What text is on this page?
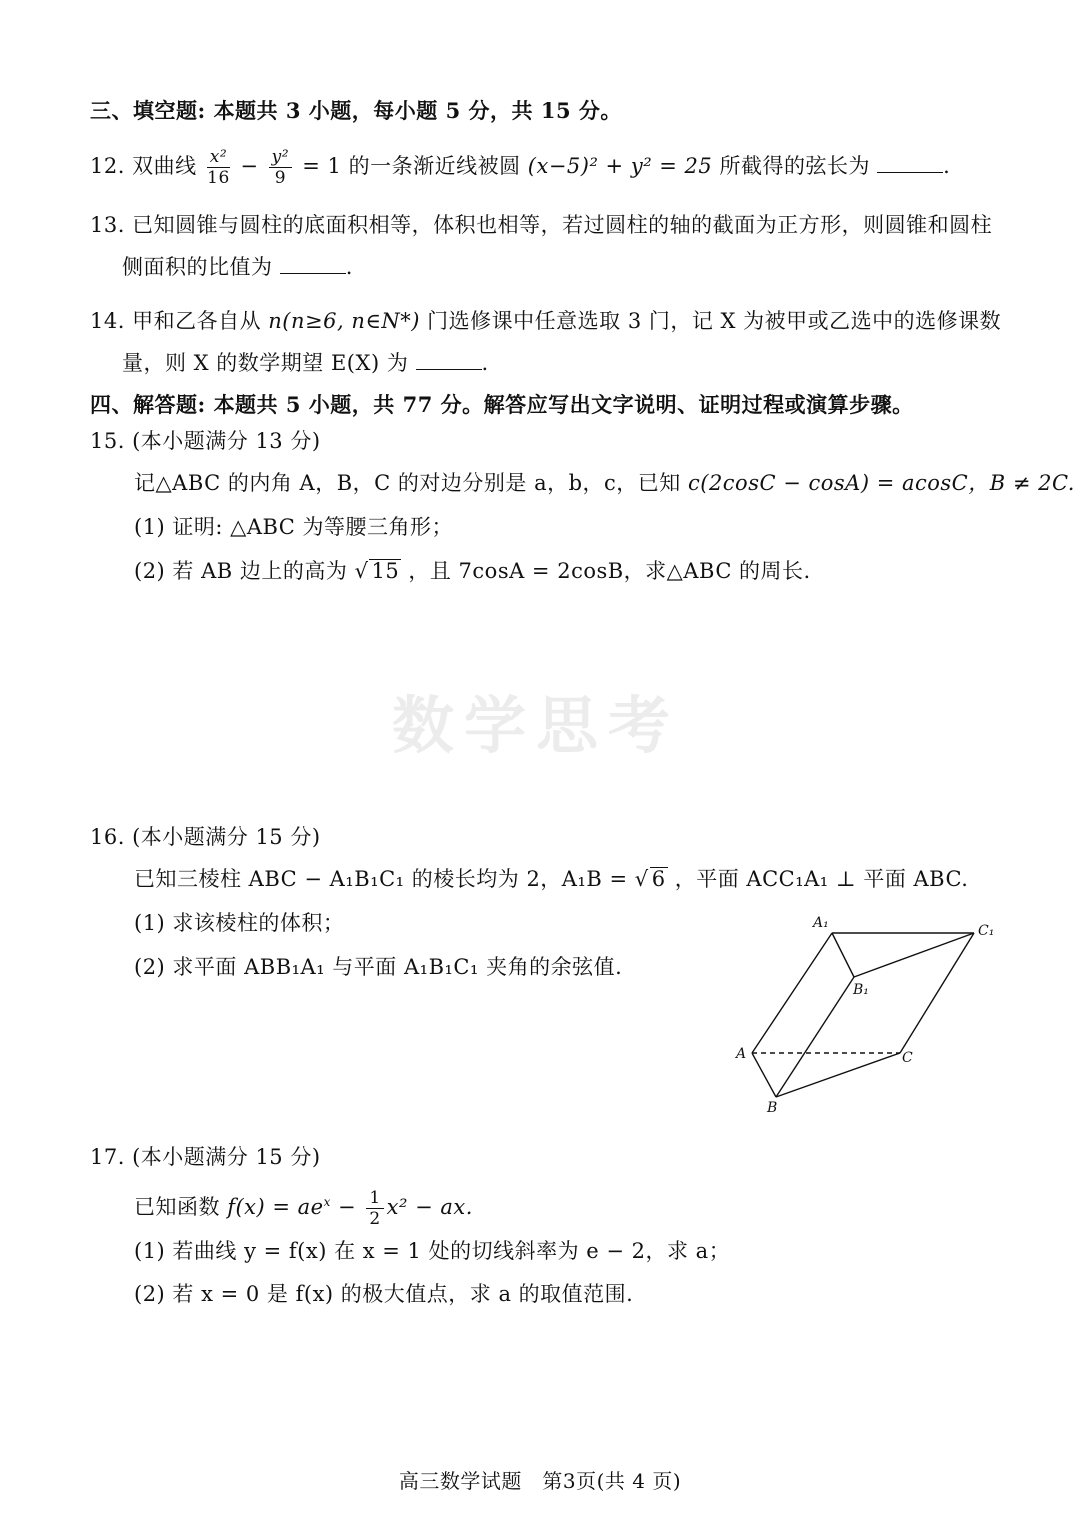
三、填空题: 本题共 3 小题，每小题 5 分，共 15 分。
12. 双曲线 $\frac{\text{x²}}{16} - \frac{\text{y²}}{9} = 1$ 的一条渐近线被圆 (x−5)² + y² = 25 所截得的弦长为	.
13. 已知圆锥与圆柱的底面积相等，体积也相等，若过圆柱的轴的截面为正方形，则圆锥和圆柱
侧面积的比值为	.
14. 甲和乙各自从 n(n≥6, n∈N*) 门选修课中任意选取 3 门，记 X 为被甲或乙选中的选修课数
量，则 X 的数学期望 E(X) 为	.
四、解答题: 本题共 5 小题，共 77 分。解答应写出文字说明、证明过程或演算步骤。
15. (本小题满分 13 分)
记△ABC 的内角 A，B，C 的对边分别是 a，b，c，已知 c(2cosC − cosA) = acosC，B ≠ 2C.
(1) 证明: △ABC 为等腰三角形；
(2) 若 AB 边上的高为 √ 15 ，且 7cosA = 2cosB，求△ABC 的周长.
数学思考
16. (本小题满分 15 分)
已知三棱柱 ABC − A₁B₁C₁ 的棱长均为 2，A₁B = √ 6 ，平面 ACC₁A₁ ⊥ 平面 ABC.
(1) 求该棱柱的体积；
(2) 求平面 ABB₁A₁ 与平面 A₁B₁C₁ 夹角的余弦值.
A₁	C₁
B₁
A	C
B
17. (本小题满分 15 分)
已知函数 $f(x) = ae^x - \frac{1}{2} x^2$ − ax.
(1) 若曲线 y = f(x) 在 x = 1 处的切线斜率为 e − 2，求 a；
(2) 若 x = 0 是 f(x) 的极大值点，求 a 的取值范围.
高三数学试题　第3页(共 4 页)
